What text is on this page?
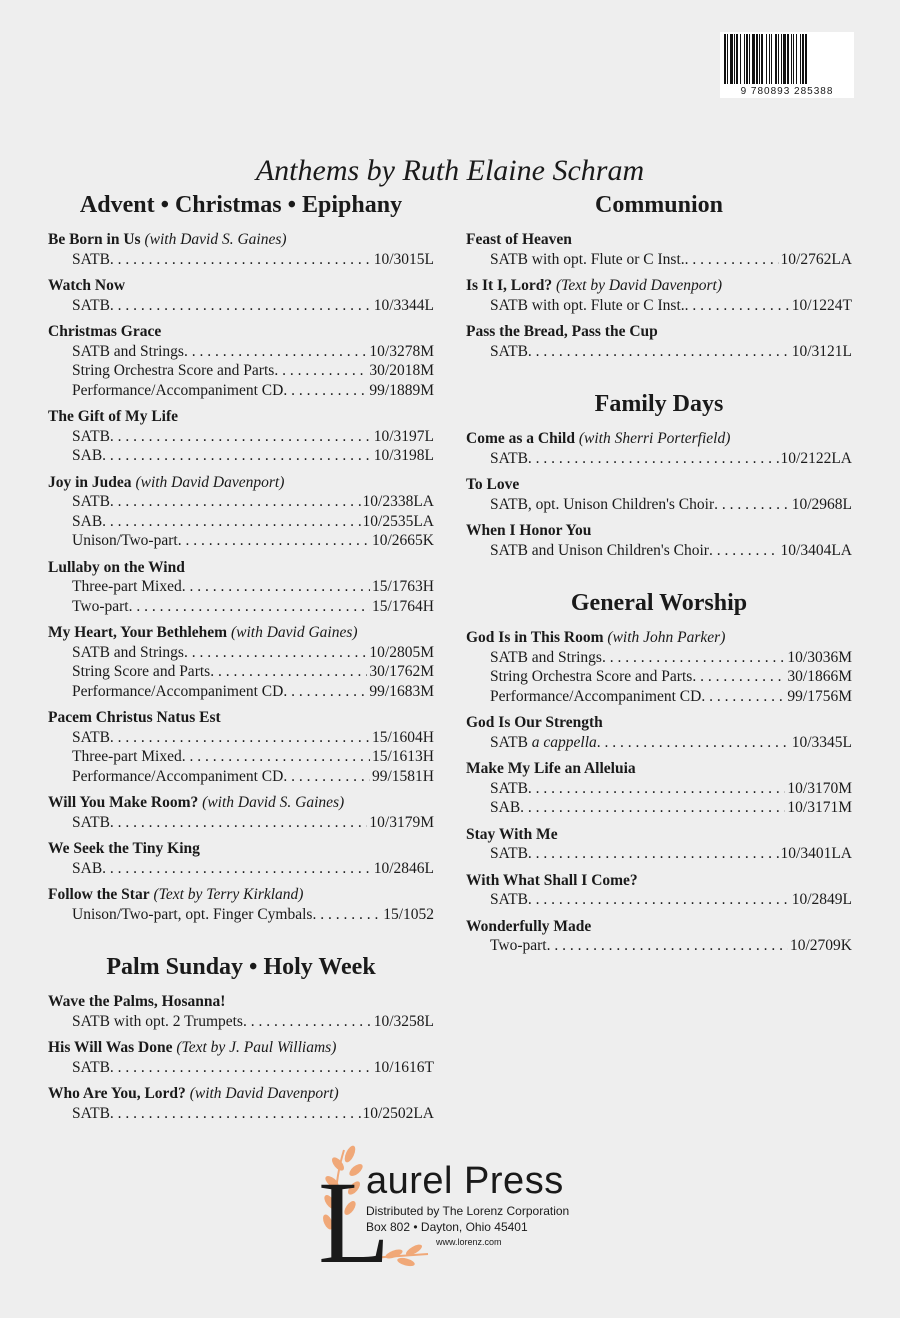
9 780893 285388
Anthems by Ruth Elaine Schram
Advent • Christmas • Epiphany
Be Born in Us (with David S. Gaines)
SATB . . .	10/3015L
Watch Now
SATB . . .	10/3344L
Christmas Grace
SATB and Strings . . .	10/3278M
String Orchestra Score and Parts . . .	30/2018M
Performance/Accompaniment CD . . .	99/1889M
The Gift of My Life
SATB . . .	10/3197L
SAB . . .	10/3198L
Joy in Judea (with David Davenport)
SATB . . .	10/2338LA
SAB . . .	10/2535LA
Unison/Two-part . . .	10/2665K
Lullaby on the Wind
Three-part Mixed . . .	15/1763H
Two-part . . .	15/1764H
My Heart, Your Bethlehem (with David Gaines)
SATB and Strings . . .	10/2805M
String Score and Parts . . .	30/1762M
Performance/Accompaniment CD . . .	99/1683M
Pacem Christus Natus Est
SATB . . .	15/1604H
Three-part Mixed . . .	15/1613H
Performance/Accompaniment CD . . .	99/1581H
Will You Make Room? (with David S. Gaines)
SATB . . .	10/3179M
We Seek the Tiny King
SAB . . .	10/2846L
Follow the Star (Text by Terry Kirkland)
Unison/Two-part, opt. Finger Cymbals . . .	15/1052
Palm Sunday • Holy Week
Wave the Palms, Hosanna!
SATB with opt. 2 Trumpets . . .	10/3258L
His Will Was Done (Text by J. Paul Williams)
SATB . . .	10/1616T
Who Are You, Lord? (with David Davenport)
SATB . . .	10/2502LA
Communion
Feast of Heaven
SATB with opt. Flute or C Inst. . . .	10/2762LA
Is It I, Lord? (Text by David Davenport)
SATB with opt. Flute or C Inst. . . .	10/1224T
Pass the Bread, Pass the Cup
SATB . . .	10/3121L
Family Days
Come as a Child (with Sherri Porterfield)
SATB . . .	10/2122LA
To Love
SATB, opt. Unison Children's Choir . . .	10/2968L
When I Honor You
SATB and Unison Children's Choir . . .	10/3404LA
General Worship
God Is in This Room (with John Parker)
SATB and Strings . . .	10/3036M
String Orchestra Score and Parts . . .	30/1866M
Performance/Accompaniment CD . . .	99/1756M
God Is Our Strength
SATB a cappella . . .	10/3345L
Make My Life an Alleluia
SATB . . .	10/3170M
SAB . . .	10/3171M
Stay With Me
SATB . . .	10/3401LA
With What Shall I Come?
SATB . . .	10/2849L
Wonderfully Made
Two-part . . .	10/2709K
L
aurel Press
Distributed by The Lorenz Corporation
Box 802 • Dayton, Ohio 45401
www.lorenz.com
